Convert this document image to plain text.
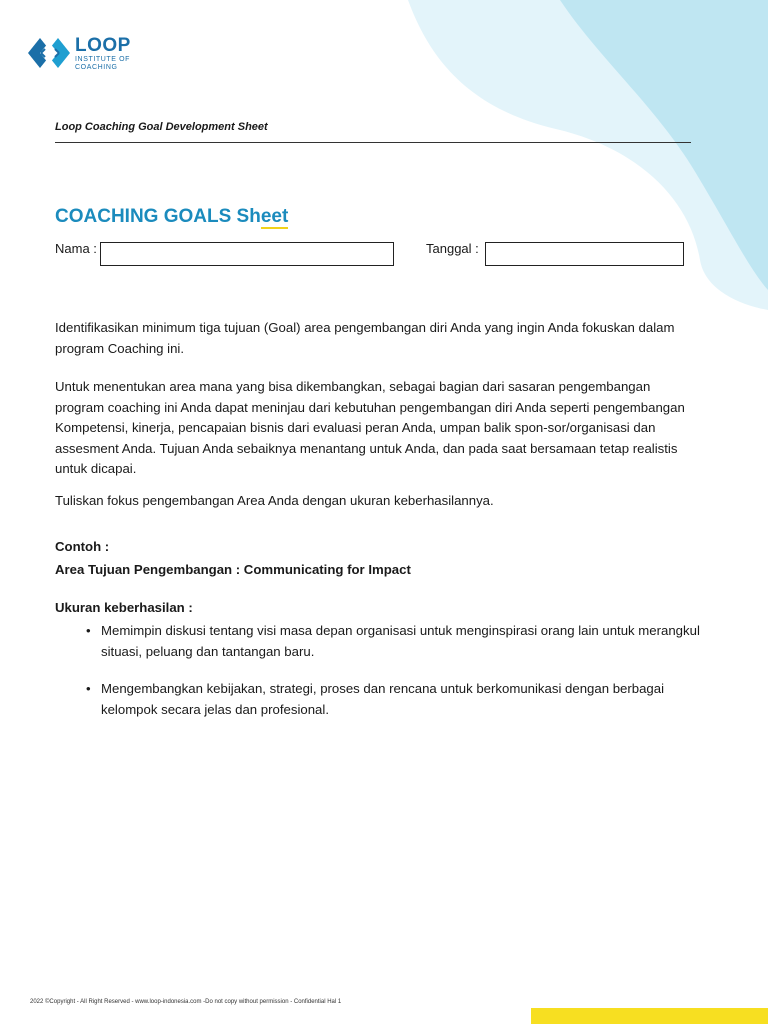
LOOP
INSTITUTE OF
COACHING
Loop Coaching Goal Development Sheet
COACHING GOALS Sheet
Nama :	Tanggal :

Identifikasikan minimum tiga tujuan (Goal) area pengembangan diri Anda yang ingin Anda fokuskan dalam program Coaching ini.

Untuk menentukan area mana yang bisa dikembangkan, sebagai bagian dari sasaran pengembangan program coaching ini Anda dapat meninjau dari kebutuhan pengembangan diri Anda seperti pengembangan Kompetensi, kinerja, pencapaian bisnis dari evaluasi peran Anda, umpan balik spon-sor/organisasi dan assesment Anda. Tujuan Anda sebaiknya menantang untuk Anda, dan pada saat bersamaan tetap realistis untuk dicapai.

Tuliskan fokus pengembangan Area Anda dengan ukuran keberhasilannya.

Contoh :

Area Tujuan Pengembangan : Communicating for Impact

Ukuran keberhasilan :

• Memimpin diskusi tentang visi masa depan organisasi untuk menginspirasi orang lain untuk merangkul situasi, peluang dan tantangan baru.
• Mengembangkan kebijakan, strategi, proses dan rencana untuk berkomunikasi dengan berbagai kelompok secara jelas dan profesional.
2022 ©Copyright - All Right Reserved - www.loop-indonesia.com -Do not copy without permission - Confidential Hal 1
